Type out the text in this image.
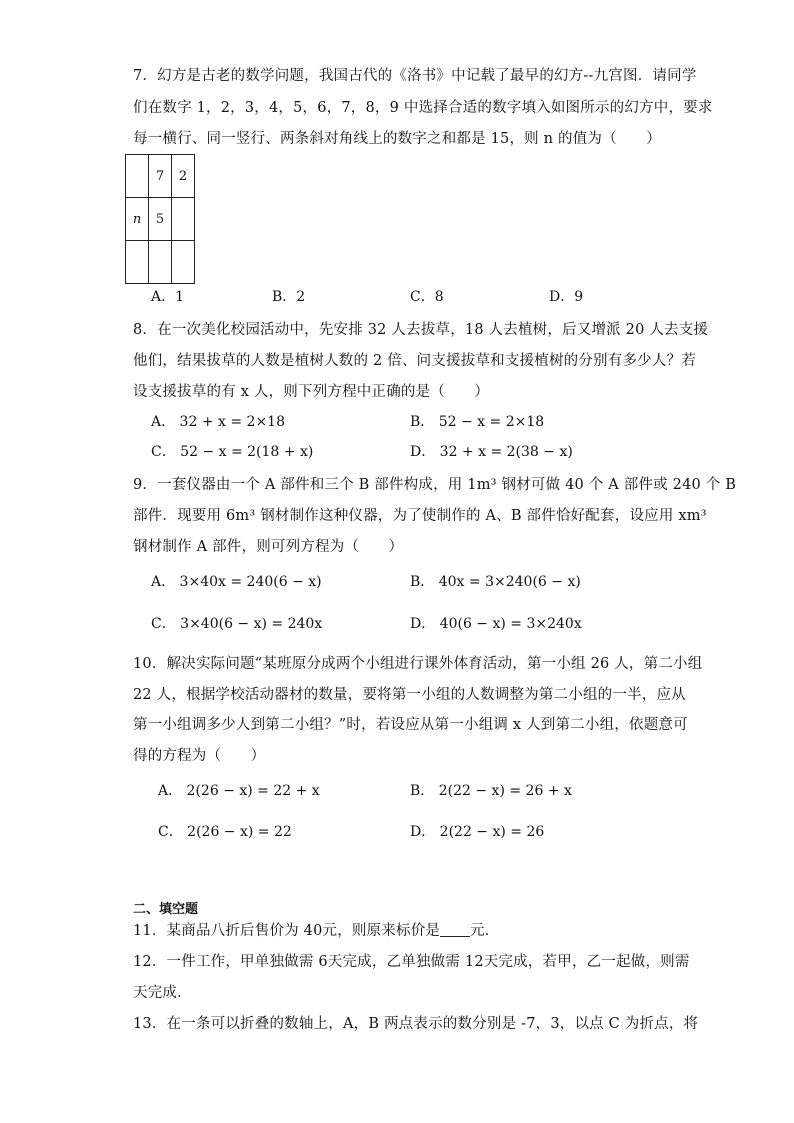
7．幻方是古老的数学问题，我国古代的《洛书》中记载了最早的幻方--九宫图．请同学
们在数字 1，2，3，4，5，6，7，8，9 中选择合适的数字填入如图所示的幻方中，要求
每一横行、同一竖行、两条斜对角线上的数字之和都是 15，则 n 的值为（　　）
	7	2
n	5	

A．1	B．2	C．8	D．9
8．在一次美化校园活动中，先安排 32 人去拔草，18 人去植树，后又增派 20 人去支援
他们，结果拔草的人数是植树人数的 2 倍、问支援拔草和支援植树的分别有多少人？若
设支援拔草的有 x 人，则下列方程中正确的是（　　）
A． 32 + x = 2×18	B． 52 − x = 2×18
C． 52 − x = 2(18 + x)	D． 32 + x = 2(38 − x)
9．一套仪器由一个 A 部件和三个 B 部件构成，用 1m³ 钢材可做 40 个 A 部件或 240 个 B
部件．现要用 6m³ 钢材制作这种仪器，为了使制作的 A、B 部件恰好配套，设应用 xm³
钢材制作 A 部件，则可列方程为（　　）
A． 3×40x = 240(6 − x)	B． 40x = 3×240(6 − x)
C． 3×40(6 − x) = 240x	D． 40(6 − x) = 3×240x
10．解决实际问题“某班原分成两个小组进行课外体育活动，第一小组 26 人，第二小组
22 人，根据学校活动器材的数量，要将第一小组的人数调整为第二小组的一半，应从
第一小组调多少人到第二小组？”时，若设应从第一小组调 x 人到第二小组，依题意可
得的方程为（　　）
A． 2(26 − x) = 22 + x	B． 2(22 − x) = 26 + x
C． 2(26 − x) = 22	D． 2(22 − x) = 26
二、填空题
11．某商品八折后售价为 40元，则原来标价是 元．
12．一件工作，甲单独做需 6天完成，乙单独做需 12天完成，若甲，乙一起做，则需
天完成．
13．在一条可以折叠的数轴上，A，B 两点表示的数分别是 -7，3，以点 C 为折点，将
